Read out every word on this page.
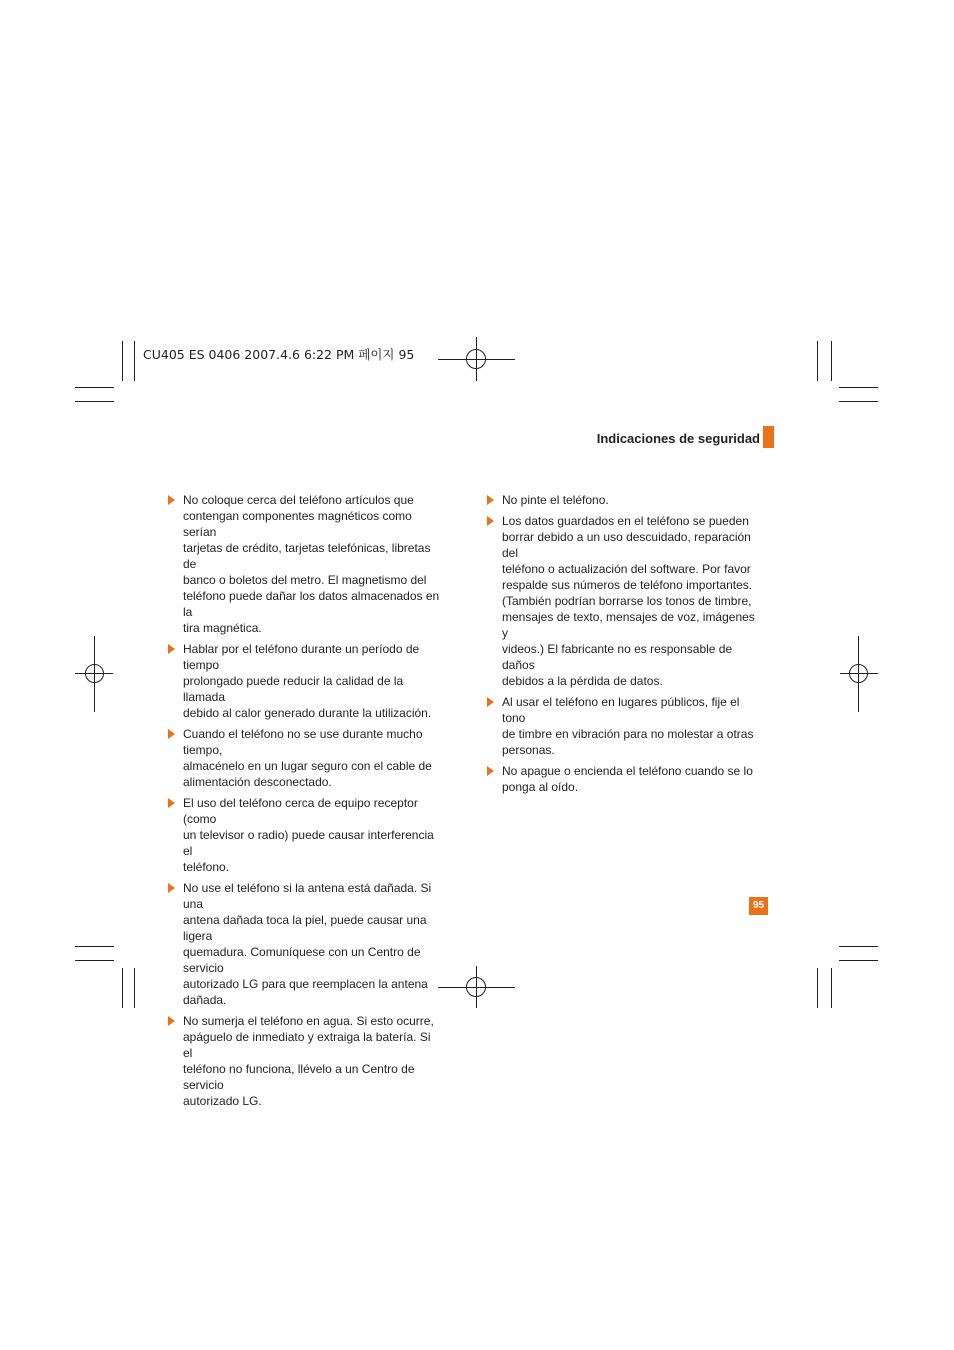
CU405 ES 0406 2007.4.6 6:22 PM 페이지 95
Indicaciones de seguridad
No coloque cerca del teléfono artículos que
contengan componentes magnéticos como serían
tarjetas de crédito, tarjetas telefónicas, libretas de
banco o boletos del metro. El magnetismo del
teléfono puede dañar los datos almacenados en la
tira magnética.
Hablar por el teléfono durante un período de tiempo
prolongado puede reducir la calidad de la llamada
debido al calor generado durante la utilización.
Cuando el teléfono no se use durante mucho tiempo,
almacénelo en un lugar seguro con el cable de
alimentación desconectado.
El uso del teléfono cerca de equipo receptor (como
un televisor o radio) puede causar interferencia el
teléfono.
No use el teléfono si la antena está dañada. Si una
antena dañada toca la piel, puede causar una ligera
quemadura. Comuníquese con un Centro de servicio
autorizado LG para que reemplacen la antena
dañada.
No sumerja el teléfono en agua. Si esto ocurre,
apáguelo de inmediato y extraiga la batería. Si el
teléfono no funciona, llévelo a un Centro de servicio
autorizado LG.
No pinte el teléfono.
Los datos guardados en el teléfono se pueden
borrar debido a un uso descuidado, reparación del
teléfono o actualización del software. Por favor
respalde sus números de teléfono importantes.
(También podrían borrarse los tonos de timbre,
mensajes de texto, mensajes de voz, imágenes y
videos.) El fabricante no es responsable de daños
debidos a la pérdida de datos.
Al usar el teléfono en lugares públicos, fije el tono
de timbre en vibración para no molestar a otras
personas.
No apague o encienda el teléfono cuando se lo
ponga al oído.
95
